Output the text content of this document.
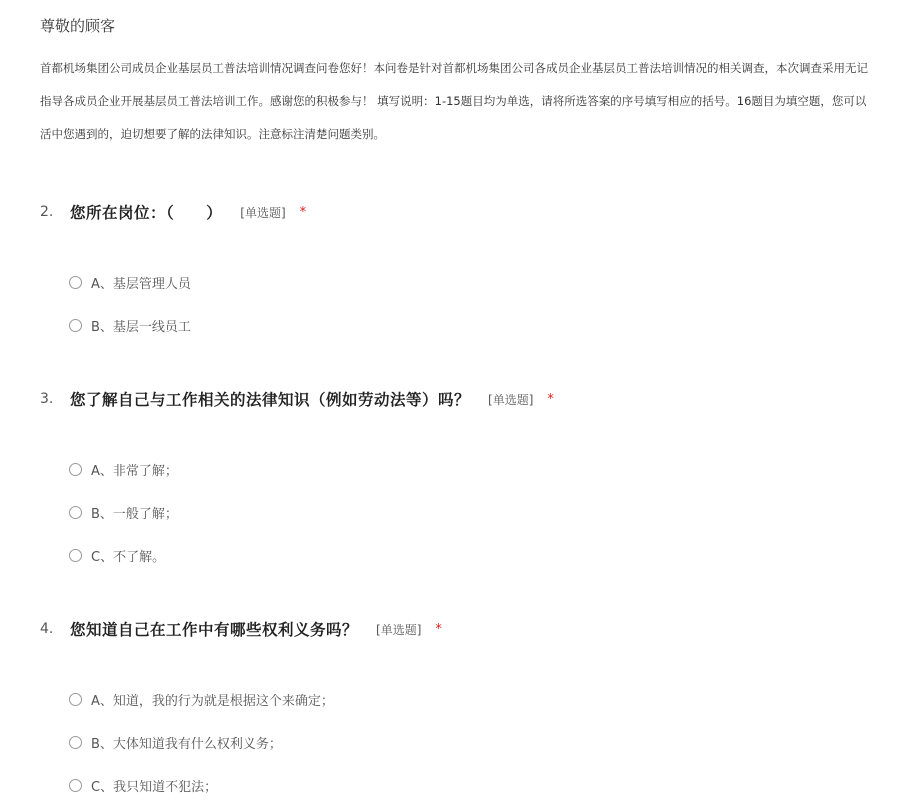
尊敬的顾客
首都机场集团公司成员企业基层员工普法培训情况调查问卷您好！本问卷是针对首都机场集团公司各成员企业基层员工普法培训情况的相关调查，本次调查采用无记
指导各成员企业开展基层员工普法培训工作。感谢您的积极参与！ 填写说明：1-15题目均为单选，请将所选答案的序号填写相应的括号。16题目为填空题，您可以
活中您遇到的，迫切想要了解的法律知识。注意标注清楚问题类别。
2.	您所在岗位：（　　） [单选题] *
A、基层管理人员
B、基层一线员工
3.	您了解自己与工作相关的法律知识（例如劳动法等）吗？ [单选题] *
A、非常了解；
B、一般了解；
C、不了解。
4.	您知道自己在工作中有哪些权利义务吗？ [单选题] *
A、知道，我的行为就是根据这个来确定；
B、大体知道我有什么权利义务；
C、我只知道不犯法；
